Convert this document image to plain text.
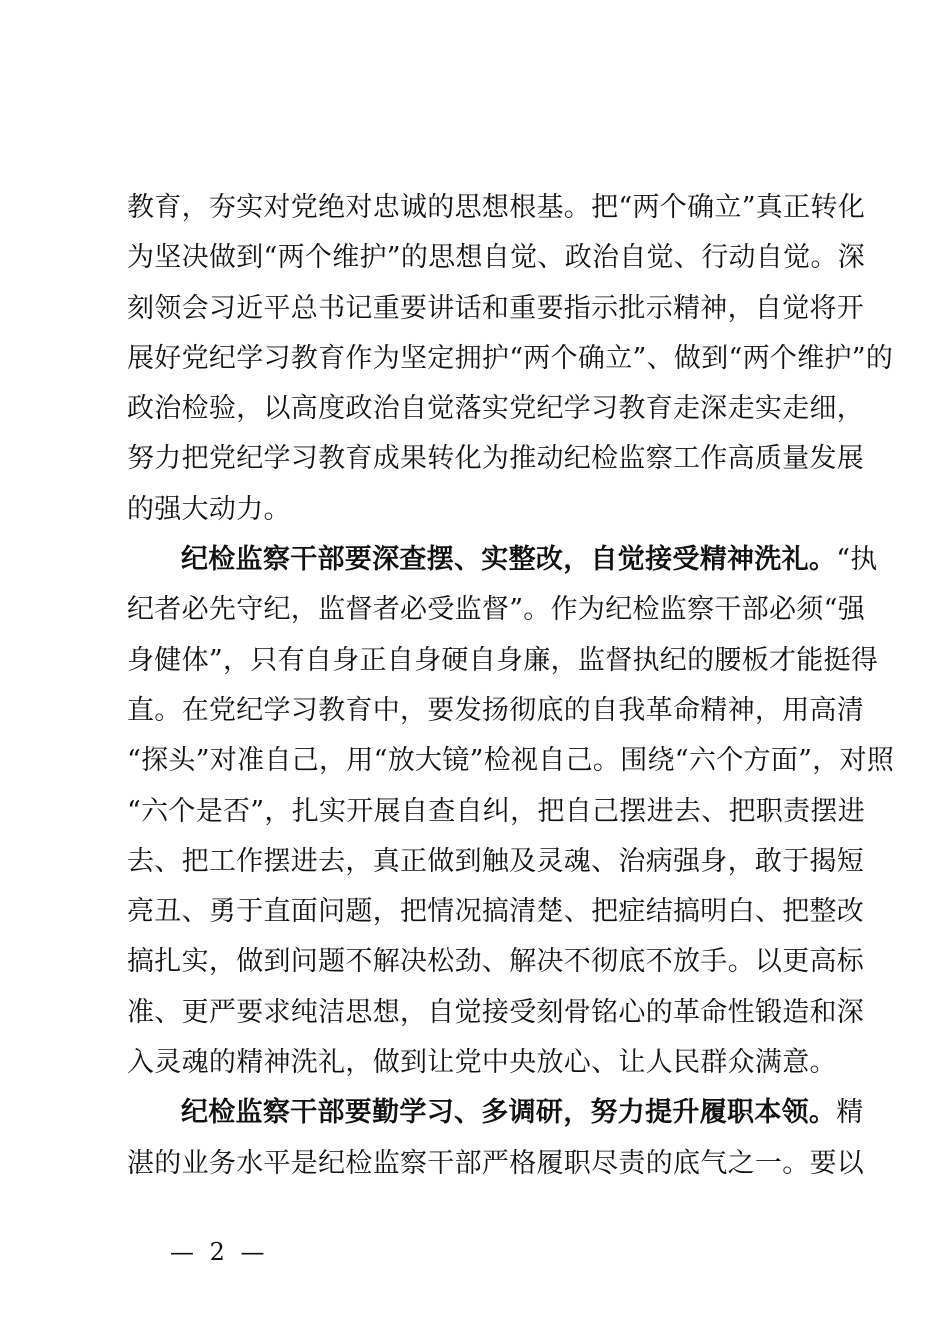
教育，夯实对党绝对忠诚的思想根基。把“两个确立”真正转化
为坚决做到“两个维护”的思想自觉、政治自觉、行动自觉。深
刻领会习近平总书记重要讲话和重要指示批示精神，自觉将开
展好党纪学习教育作为坚定拥护“两个确立”、做到“两个维护”的
政治检验，以高度政治自觉落实党纪学习教育走深走实走细，
努力把党纪学习教育成果转化为推动纪检监察工作高质量发展
的强大动力。
纪检监察干部要深查摆、实整改，自觉接受精神洗礼。“执
纪者必先守纪，监督者必受监督”。作为纪检监察干部必须“强
身健体”，只有自身正自身硬自身廉，监督执纪的腰板才能挺得
直。在党纪学习教育中，要发扬彻底的自我革命精神，用高清
“探头”对准自己，用“放大镜”检视自己。围绕“六个方面”，对照
“六个是否”，扎实开展自查自纠，把自己摆进去、把职责摆进
去、把工作摆进去，真正做到触及灵魂、治病强身，敢于揭短
亮丑、勇于直面问题，把情况搞清楚、把症结搞明白、把整改
搞扎实，做到问题不解决松劲、解决不彻底不放手。以更高标
准、更严要求纯洁思想，自觉接受刻骨铭心的革命性锻造和深
入灵魂的精神洗礼，做到让党中央放心、让人民群众满意。
纪检监察干部要勤学习、多调研，努力提升履职本领。精
湛的业务水平是纪检监察干部严格履职尽责的底气之一。要以
— 2 —
